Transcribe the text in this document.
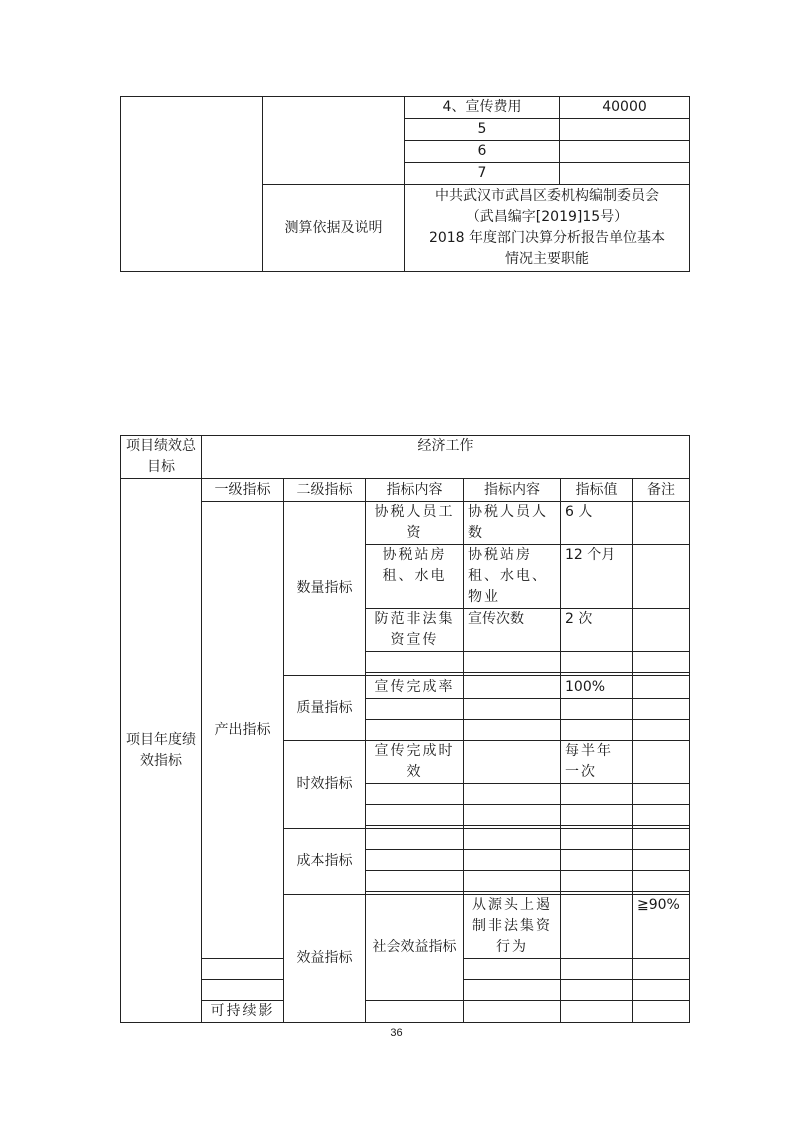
		4、宣传费用	40000
		5	
		6	
		7	
	测算依据及说明	中共武汉市武昌区委机构编制委员会
（武昌编字[2019]15号）
2018 年度部门决算分析报告单位基本
情况主要职能	
项目绩效总目标	经济工作						
项目年度绩效指标	一级指标	二级指标	指标内容	指标内容	指标值	备注	
	产出指标	数量指标	协税人员工资	协税人员人数	6 人		
			协税站房租、水电	协税站房租、水电、物业	12 个月		
			防范非法集资宣传	宣传次数	2 次		

		质量指标	宣传完成率		100%		

		时效指标	宣传完成时效		每半年一次		

		成本指标					

		效益指标	社会效益指标	从源头上遏制非法集资行为		≧90%	

	可持续影						
36
